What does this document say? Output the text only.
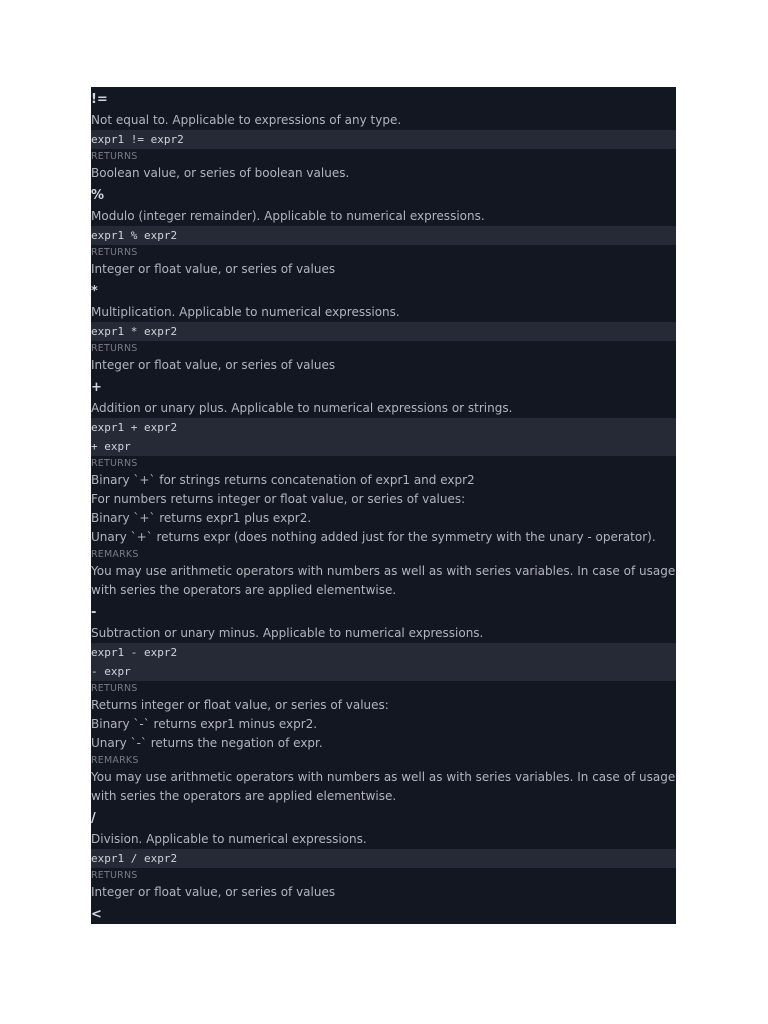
!=
Not equal to. Applicable to expressions of any type.
expr1 != expr2
RETURNS
Boolean value, or series of boolean values.
%
Modulo (integer remainder). Applicable to numerical expressions.
expr1 % expr2
RETURNS
Integer or float value, or series of values
*
Multiplication. Applicable to numerical expressions.
expr1 * expr2
RETURNS
Integer or float value, or series of values
+
Addition or unary plus. Applicable to numerical expressions or strings.
expr1 + expr2
+ expr
RETURNS
Binary `+` for strings returns concatenation of expr1 and expr2
For numbers returns integer or float value, or series of values:
Binary `+` returns expr1 plus expr2.
Unary `+` returns expr (does nothing added just for the symmetry with the unary - operator).
REMARKS
You may use arithmetic operators with numbers as well as with series variables. In case of usage with series the operators are applied elementwise.
-
Subtraction or unary minus. Applicable to numerical expressions.
expr1 - expr2
- expr
RETURNS
Returns integer or float value, or series of values:
Binary `-` returns expr1 minus expr2.
Unary `-` returns the negation of expr.
REMARKS
You may use arithmetic operators with numbers as well as with series variables. In case of usage with series the operators are applied elementwise.
/
Division. Applicable to numerical expressions.
expr1 / expr2
RETURNS
Integer or float value, or series of values
<
